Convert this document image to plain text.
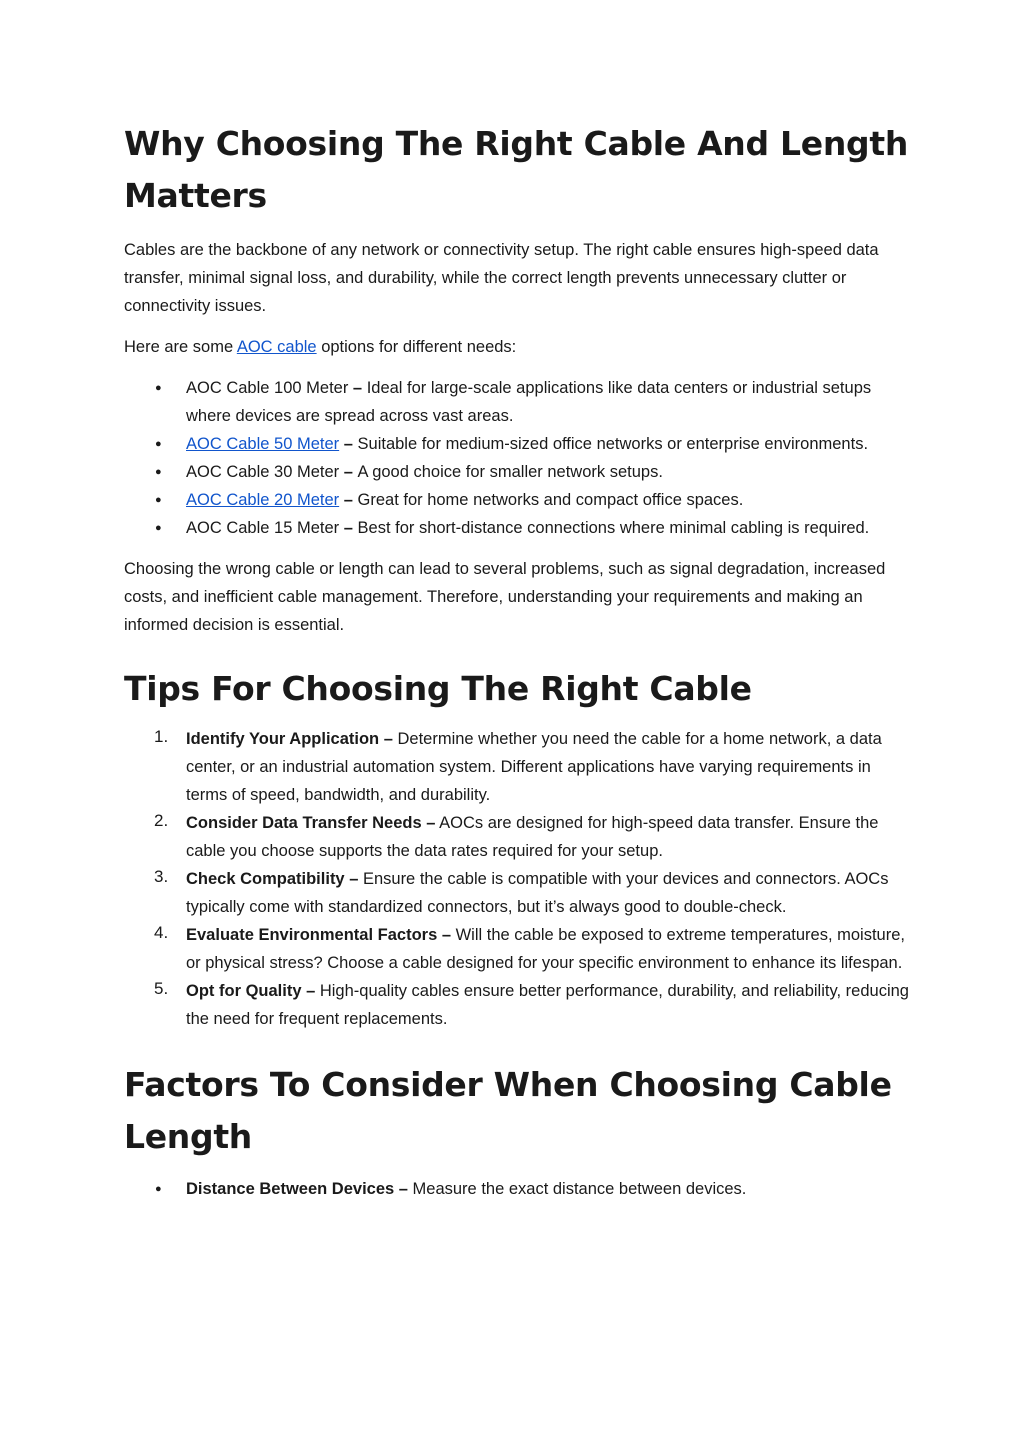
Why Choosing The Right Cable And Length Matters

Cables are the backbone of any network or connectivity setup. The right cable ensures high-speed data transfer, minimal signal loss, and durability, while the correct length prevents unnecessary clutter or connectivity issues.

Here are some AOC cable options for different needs:

● AOC Cable 100 Meter – Ideal for large-scale applications like data centers or industrial setups where devices are spread across vast areas.
● AOC Cable 50 Meter – Suitable for medium-sized office networks or enterprise environments.
● AOC Cable 30 Meter – A good choice for smaller network setups.
● AOC Cable 20 Meter – Great for home networks and compact office spaces.
● AOC Cable 15 Meter – Best for short-distance connections where minimal cabling is required.

Choosing the wrong cable or length can lead to several problems, such as signal degradation, increased costs, and inefficient cable management. Therefore, understanding your requirements and making an informed decision is essential.

Tips For Choosing The Right Cable
1. Identify Your Application – Determine whether you need the cable for a home network, a data center, or an industrial automation system. Different applications have varying requirements in terms of speed, bandwidth, and durability.
2. Consider Data Transfer Needs – AOCs are designed for high-speed data transfer. Ensure the cable you choose supports the data rates required for your setup.
3. Check Compatibility – Ensure the cable is compatible with your devices and connectors. AOCs typically come with standardized connectors, but it’s always good to double-check.
4. Evaluate Environmental Factors – Will the cable be exposed to extreme temperatures, moisture, or physical stress? Choose a cable designed for your specific environment to enhance its lifespan.
5. Opt for Quality – High-quality cables ensure better performance, durability, and reliability, reducing the need for frequent replacements.
Factors To Consider When Choosing Cable Length
● Distance Between Devices – Measure the exact distance between devices.
